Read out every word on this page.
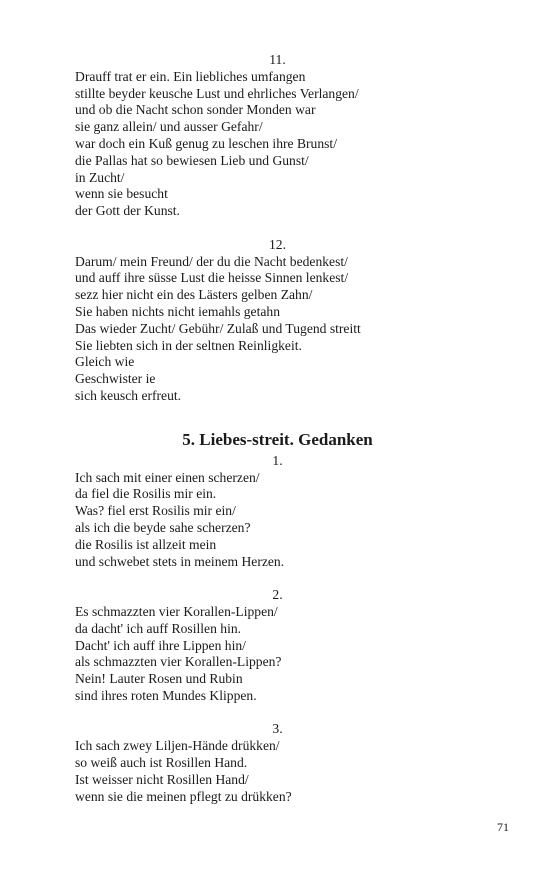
11.
Drauff trat er ein. Ein liebliches umfangen
stillte beyder keusche Lust und ehrliches Verlangen/
und ob die Nacht schon sonder Monden war
sie ganz allein/ und ausser Gefahr/
war doch ein Kuß genug zu leschen ihre Brunst/
die Pallas hat so bewiesen Lieb und Gunst/
in Zucht/
wenn sie besucht
der Gott der Kunst.
12.
Darum/ mein Freund/ der du die Nacht bedenkest/
und auff ihre süsse Lust die heisse Sinnen lenkest/
sezz hier nicht ein des Lästers gelben Zahn/
Sie haben nichts nicht iemahls getahn
Das wieder Zucht/ Gebühr/ Zulaß und Tugend streitt
Sie liebten sich in der seltnen Reinligkeit.
Gleich wie
Geschwister ie
sich keusch erfreut.
5. Liebes-streit. Gedanken
1.
Ich sach mit einer einen scherzen/
da fiel die Rosilis mir ein.
Was? fiel erst Rosilis mir ein/
als ich die beyde sahe scherzen?
die Rosilis ist allzeit mein
und schwebet stets in meinem Herzen.
2.
Es schmazzten vier Korallen-Lippen/
da dacht' ich auff Rosillen hin.
Dacht' ich auff ihre Lippen hin/
als schmazzten vier Korallen-Lippen?
Nein! Lauter Rosen und Rubin
sind ihres roten Mundes Klippen.
3.
Ich sach zwey Liljen-Hände drükken/
so weiß auch ist Rosillen Hand.
Ist weisser nicht Rosillen Hand/
wenn sie die meinen pflegt zu drükken?
71
